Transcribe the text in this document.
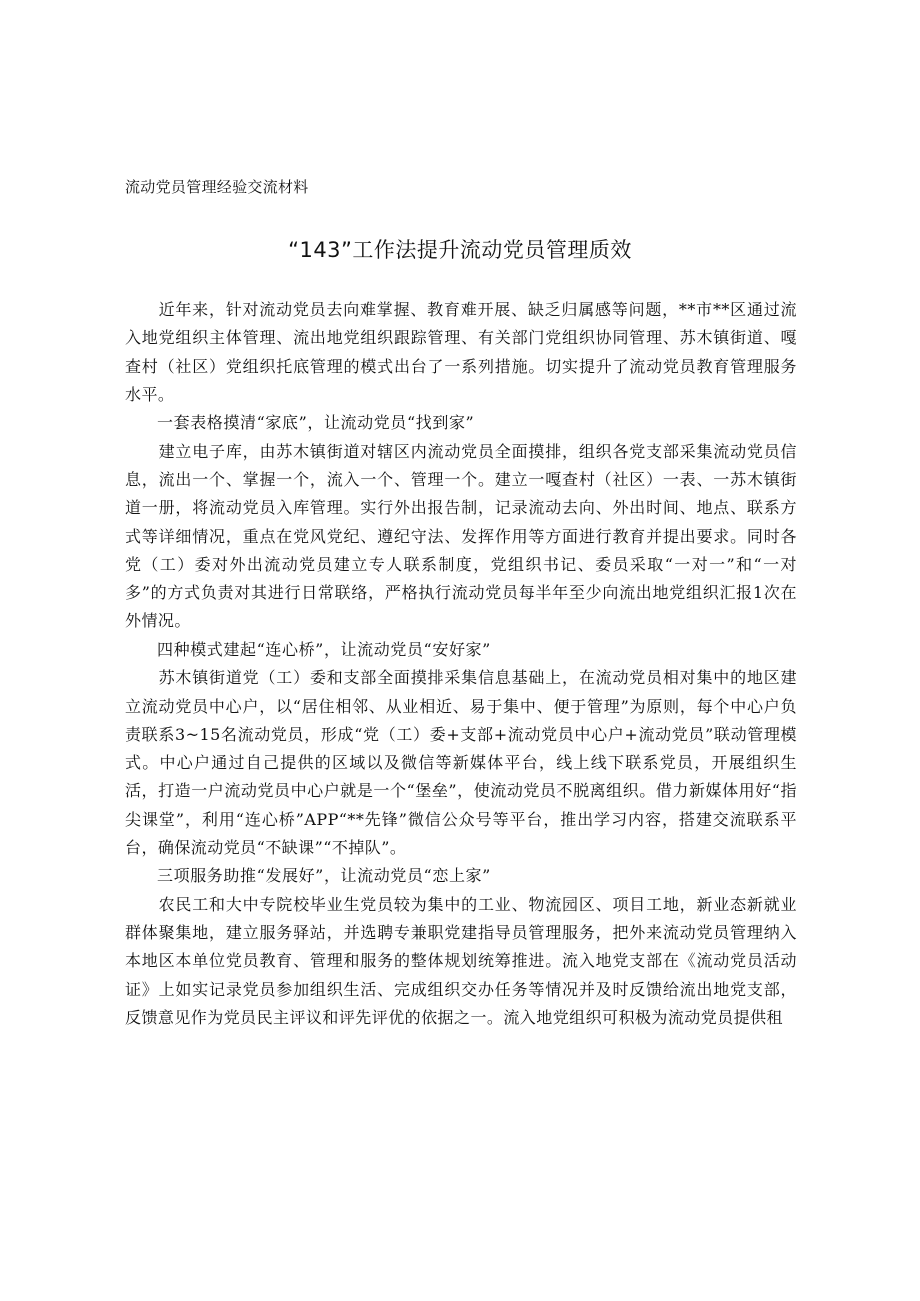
流动党员管理经验交流材料
“143”工作法提升流动党员管理质效

近年来，针对流动党员去向难掌握、教育难开展、缺乏归属感等问题，**市**区通过流入地党组织主体管理、流出地党组织跟踪管理、有关部门党组织协同管理、苏木镇街道、嘎查村（社区）党组织托底管理的模式出台了一系列措施。切实提升了流动党员教育管理服务水平。

一套表格摸清“家底”，让流动党员“找到家”

建立电子库，由苏木镇街道对辖区内流动党员全面摸排，组织各党支部采集流动党员信息，流出一个、掌握一个，流入一个、管理一个。建立一嘎查村（社区）一表、一苏木镇街道一册，将流动党员入库管理。实行外出报告制，记录流动去向、外出时间、地点、联系方式等详细情况，重点在党风党纪、遵纪守法、发挥作用等方面进行教育并提出要求。同时各党（工）委对外出流动党员建立专人联系制度，党组织书记、委员采取“一对一”和“一对多”的方式负责对其进行日常联络，严格执行流动党员每半年至少向流出地党组织汇报1次在外情况。

四种模式建起“连心桥”，让流动党员“安好家”

苏木镇街道党（工）委和支部全面摸排采集信息基础上，在流动党员相对集中的地区建立流动党员中心户，以“居住相邻、从业相近、易于集中、便于管理”为原则，每个中心户负责联系3~15名流动党员，形成“党（工）委+支部+流动党员中心户+流动党员”联动管理模式。中心户通过自己提供的区域以及微信等新媒体平台，线上线下联系党员，开展组织生活，打造一户流动党员中心户就是一个“堡垒”，使流动党员不脱离组织。借力新媒体用好“指尖课堂”，利用“连心桥”APP“**先锋”微信公众号等平台，推出学习内容，搭建交流联系平台，确保流动党员“不缺课”“不掉队”。

三项服务助推“发展好”，让流动党员“恋上家”

农民工和大中专院校毕业生党员较为集中的工业、物流园区、项目工地，新业态新就业群体聚集地，建立服务驿站，并选聘专兼职党建指导员管理服务，把外来流动党员管理纳入本地区本单位党员教育、管理和服务的整体规划统筹推进。流入地党支部在《流动党员活动证》上如实记录党员参加组织生活、完成组织交办任务等情况并及时反馈给流出地党支部，反馈意见作为党员民主评议和评先评优的依据之一。流入地党组织可积极为流动党员提供租
